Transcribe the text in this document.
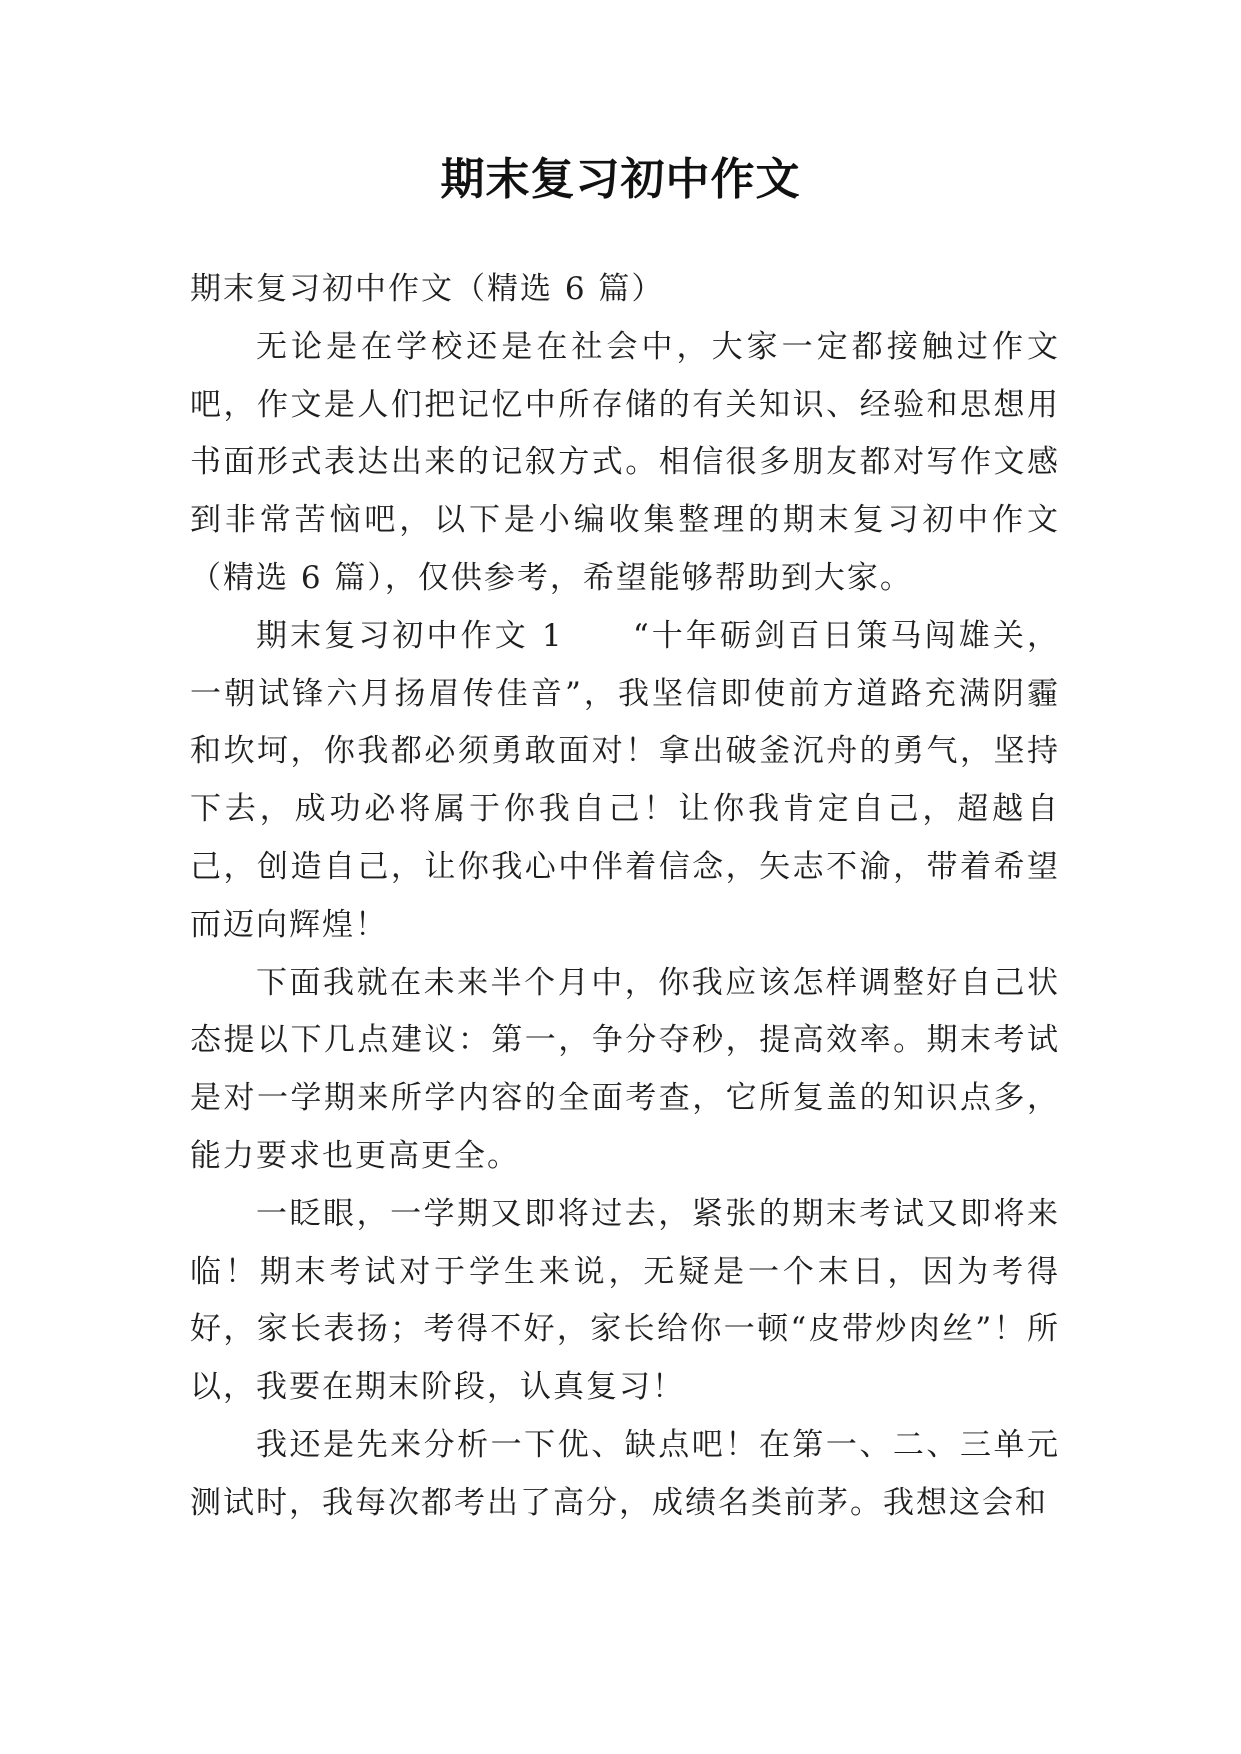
期末复习初中作文

期末复习初中作文（精选 6 篇）

无论是在学校还是在社会中，大家一定都接触过作文吧，作文是人们把记忆中所存储的有关知识、经验和思想用书面形式表达出来的记叙方式。相信很多朋友都对写作文感到非常苦恼吧，以下是小编收集整理的期末复习初中作文（精选 6 篇），仅供参考，希望能够帮助到大家。

期末复习初中作文 1　　“十年砺剑百日策马闯雄关，一朝试锋六月扬眉传佳音”，我坚信即使前方道路充满阴霾和坎坷，你我都必须勇敢面对！拿出破釜沉舟的勇气，坚持下去，成功必将属于你我自己！让你我肯定自己，超越自己，创造自己，让你我心中伴着信念，矢志不渝，带着希望而迈向辉煌！

下面我就在未来半个月中，你我应该怎样调整好自己状态提以下几点建议：第一，争分夺秒，提高效率。期末考试是对一学期来所学内容的全面考查，它所复盖的知识点多，能力要求也更高更全。

一眨眼，一学期又即将过去，紧张的期末考试又即将来临！期末考试对于学生来说，无疑是一个末日，因为考得好，家长表扬；考得不好，家长给你一顿“皮带炒肉丝”！所以，我要在期末阶段，认真复习！

我还是先来分析一下优、缺点吧！在第一、二、三单元测试时，我每次都考出了高分，成绩名类前茅。我想这会和
